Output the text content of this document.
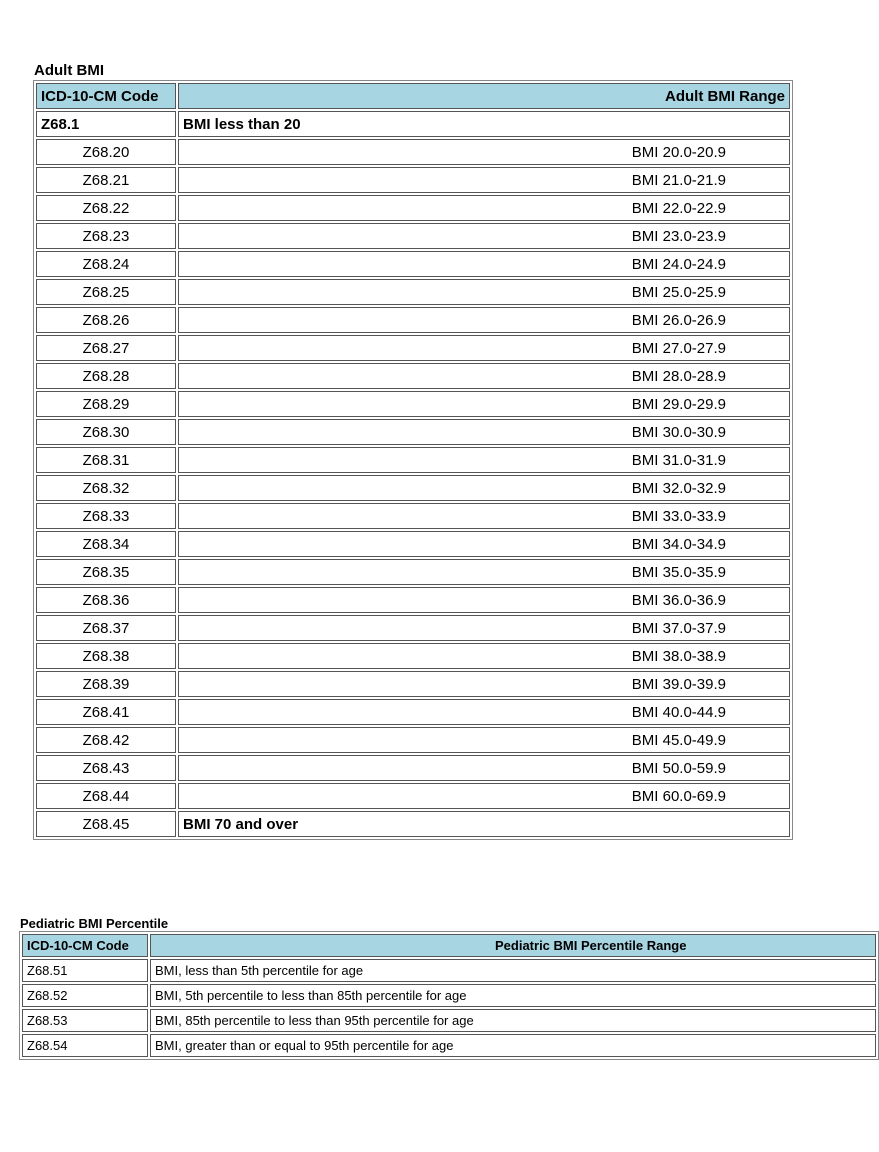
Adult BMI
ICD-10-CM Code	Adult BMI Range
Z68.1	BMI less than 20
Z68.20	BMI 20.0-20.9
Z68.21	BMI 21.0-21.9
Z68.22	BMI 22.0-22.9
Z68.23	BMI 23.0-23.9
Z68.24	BMI 24.0-24.9
Z68.25	BMI 25.0-25.9
Z68.26	BMI 26.0-26.9
Z68.27	BMI 27.0-27.9
Z68.28	BMI 28.0-28.9
Z68.29	BMI 29.0-29.9
Z68.30	BMI 30.0-30.9
Z68.31	BMI 31.0-31.9
Z68.32	BMI 32.0-32.9
Z68.33	BMI 33.0-33.9
Z68.34	BMI 34.0-34.9
Z68.35	BMI 35.0-35.9
Z68.36	BMI 36.0-36.9
Z68.37	BMI 37.0-37.9
Z68.38	BMI 38.0-38.9
Z68.39	BMI 39.0-39.9
Z68.41	BMI 40.0-44.9
Z68.42	BMI 45.0-49.9
Z68.43	BMI 50.0-59.9
Z68.44	BMI 60.0-69.9
Z68.45	BMI 70 and over
Pediatric BMI Percentile
ICD-10-CM Code	Pediatric BMI Percentile Range
Z68.51	BMI, less than 5th percentile for age
Z68.52	BMI, 5th percentile to less than 85th percentile for age
Z68.53	BMI, 85th percentile to less than 95th percentile for age
Z68.54	BMI, greater than or equal to 95th percentile for age
